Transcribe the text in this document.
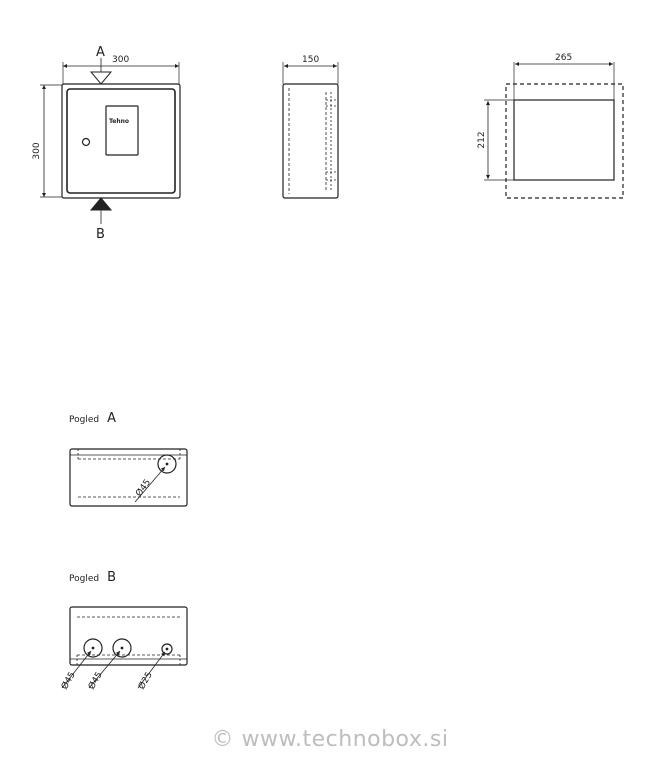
300
300
A
B
Tehno
150	265
212
Pogled A
Ø45
Pogled B
Ø45 Ø45	Ø25
© www.technobox.si
